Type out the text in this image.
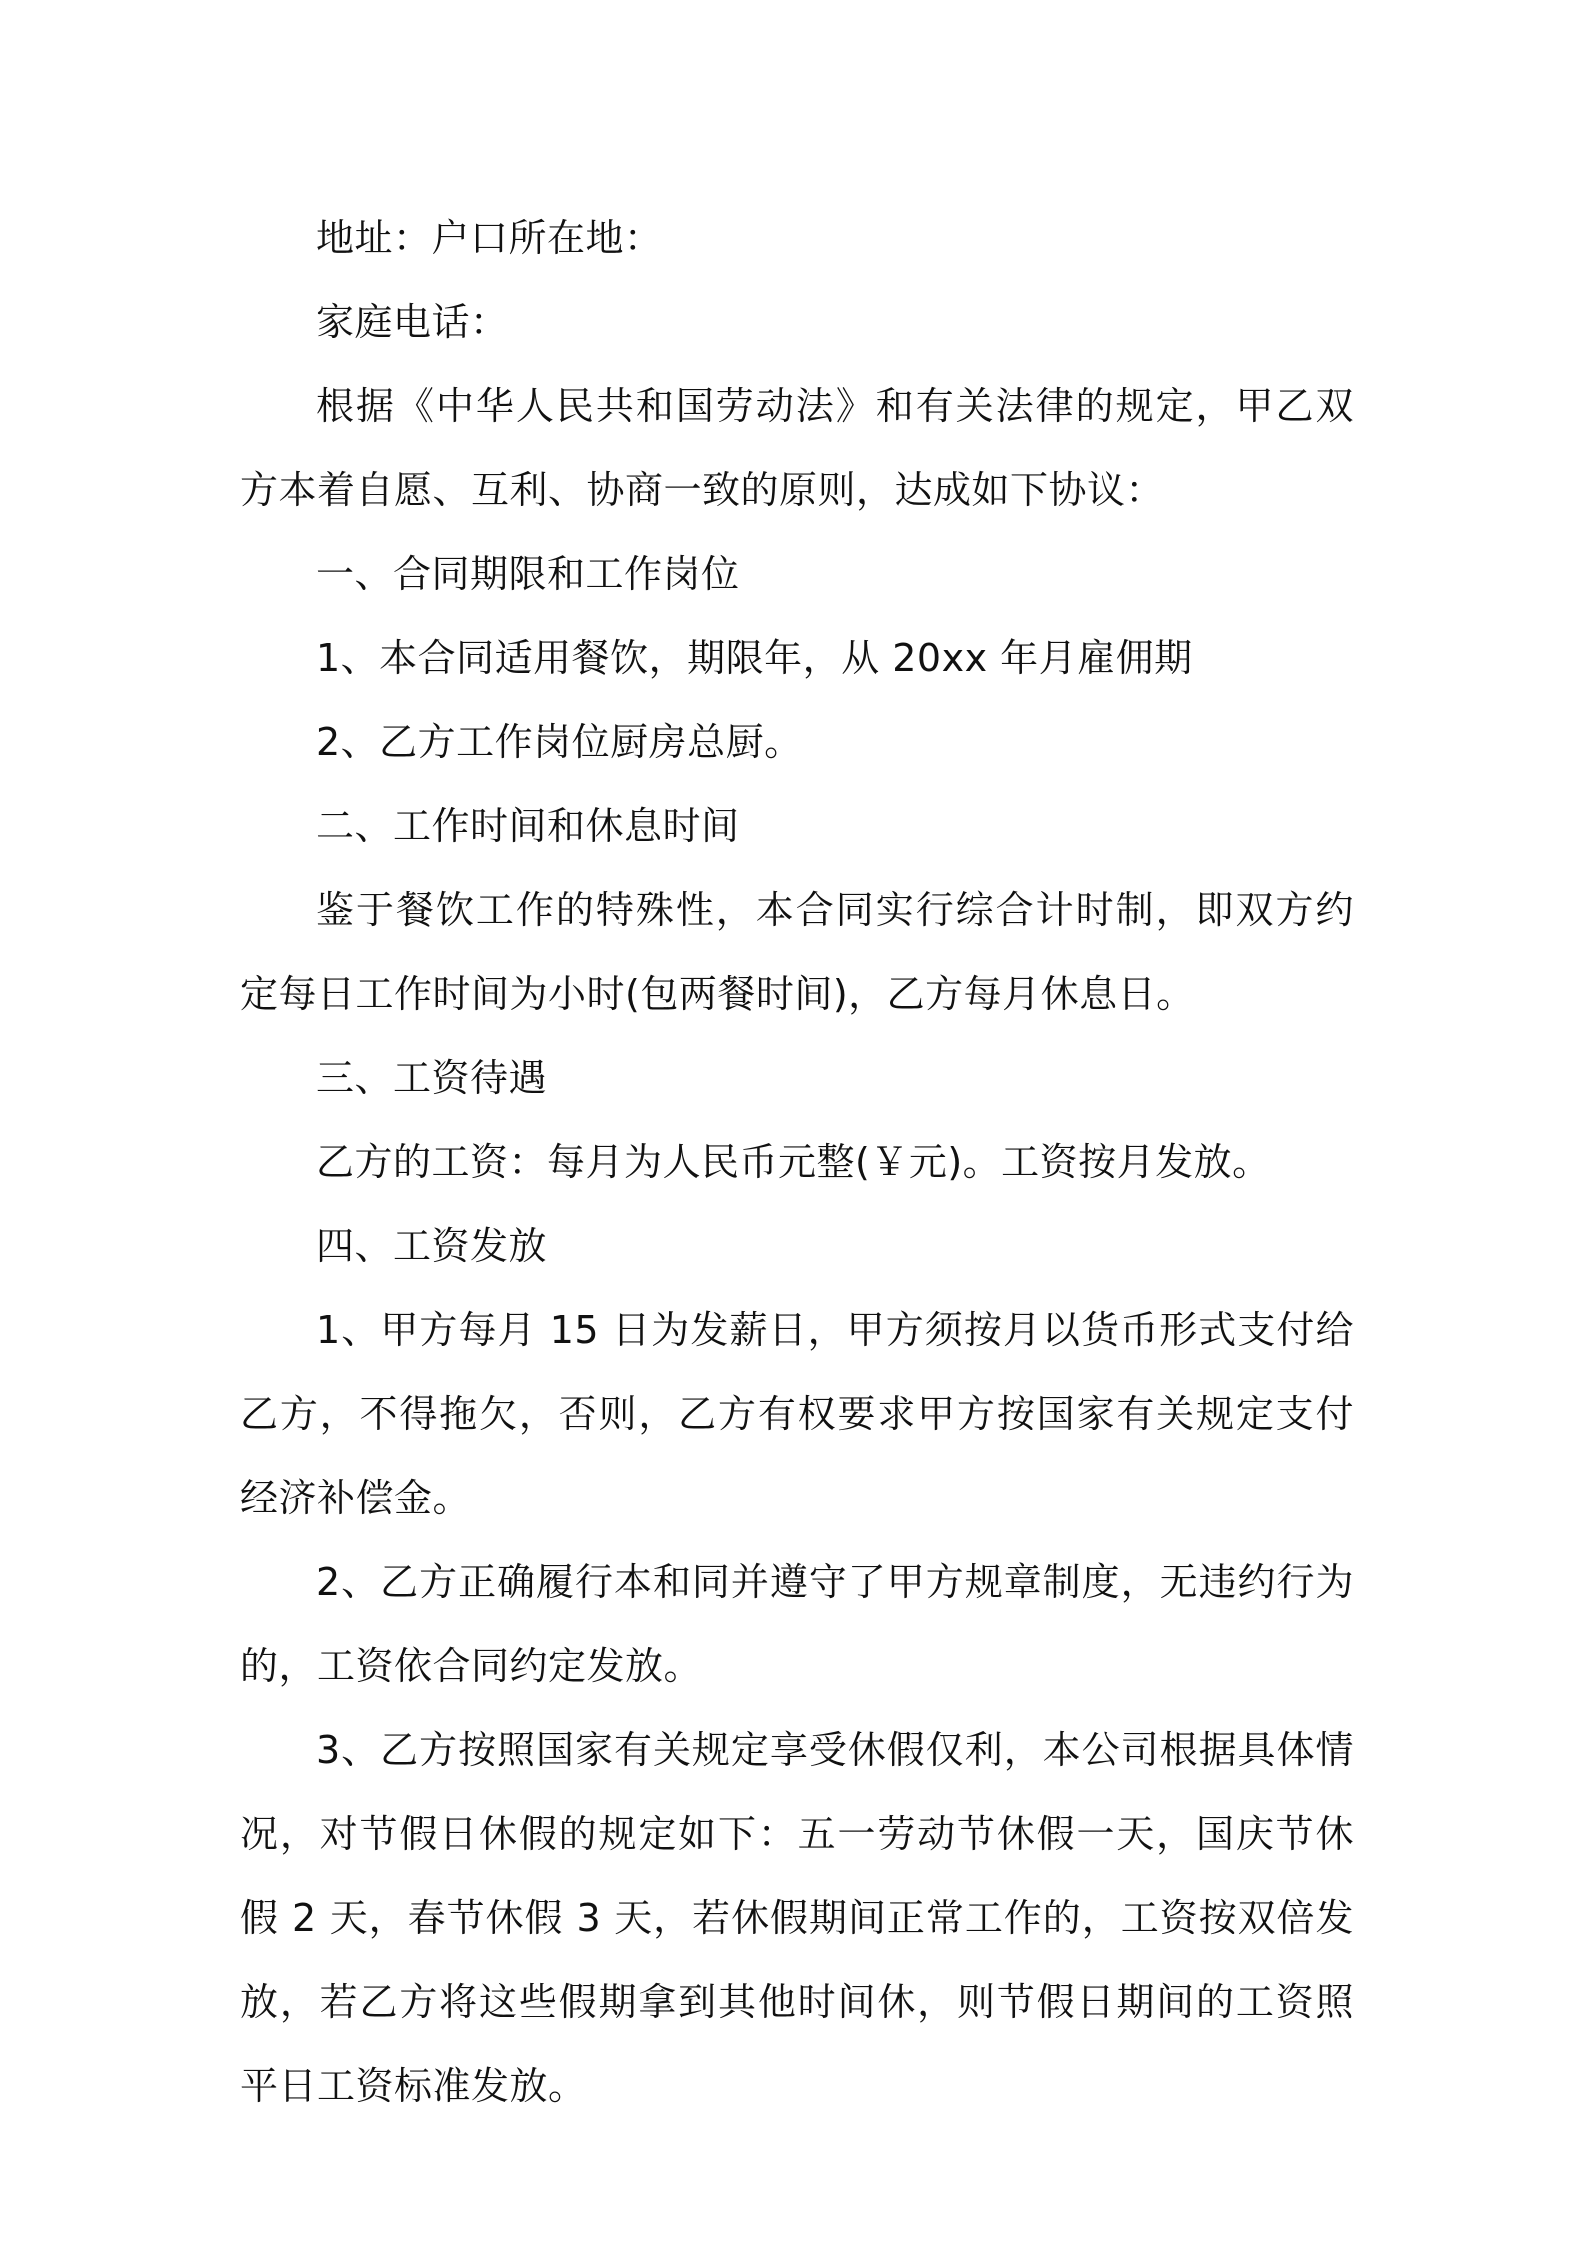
地址：户口所在地：

家庭电话：

根据《中华人民共和国劳动法》和有关法律的规定，甲乙双方本着自愿、互利、协商一致的原则，达成如下协议：

一、合同期限和工作岗位

1、本合同适用餐饮，期限年，从 20xx 年月雇佣期

2、乙方工作岗位厨房总厨。

二、工作时间和休息时间

鉴于餐饮工作的特殊性，本合同实行综合计时制，即双方约定每日工作时间为小时(包两餐时间)，乙方每月休息日。

三、工资待遇

乙方的工资：每月为人民币元整(￥元)。工资按月发放。

四、工资发放

1、甲方每月 15 日为发薪日，甲方须按月以货币形式支付给乙方，不得拖欠，否则，乙方有权要求甲方按国家有关规定支付经济补偿金。

2、乙方正确履行本和同并遵守了甲方规章制度，无违约行为的，工资依合同约定发放。

3、乙方按照国家有关规定享受休假仅利，本公司根据具体情况，对节假日休假的规定如下：五一劳动节休假一天，国庆节休假 2 天，春节休假 3 天，若休假期间正常工作的，工资按双倍发放，若乙方将这些假期拿到其他时间休，则节假日期间的工资照平日工资标准发放。
